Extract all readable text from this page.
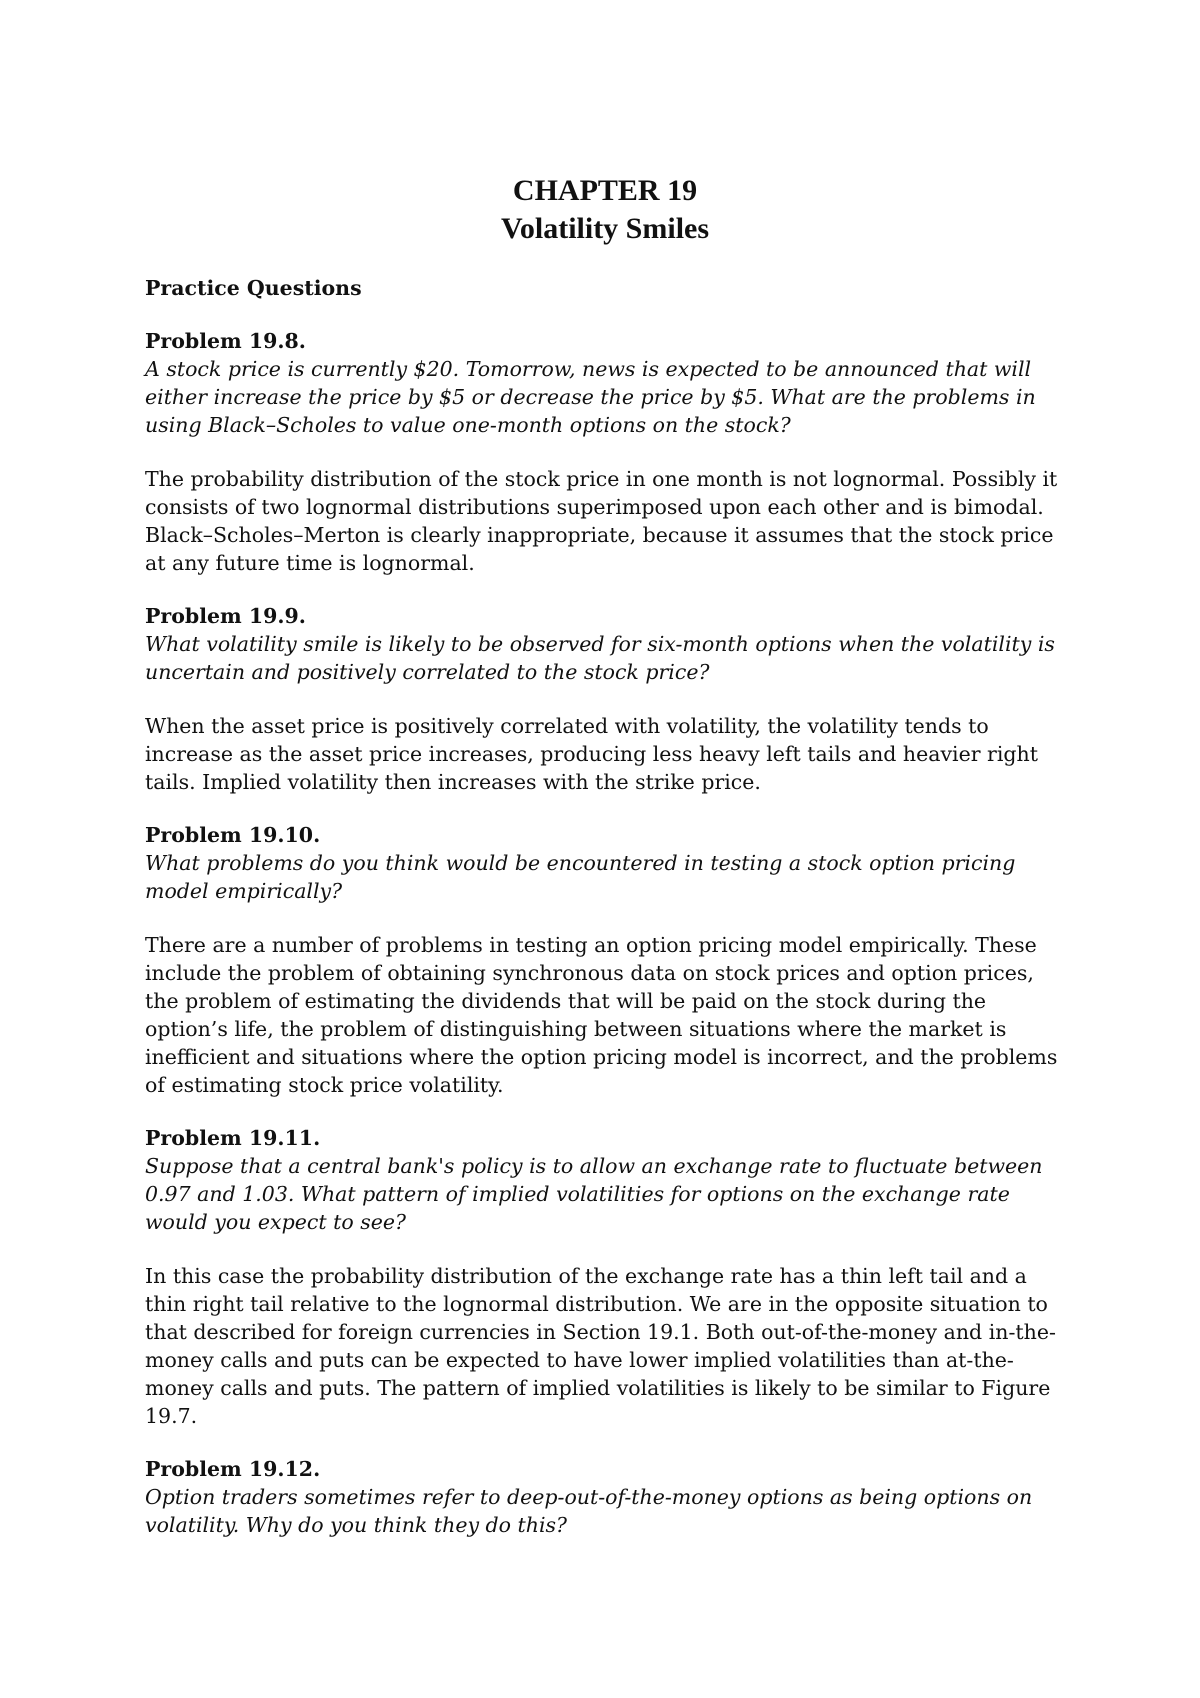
CHAPTER 19
Volatility Smiles
Practice Questions
Problem 19.8.
A stock price is currently $20. Tomorrow, news is expected to be announced that will either increase the price by $5 or decrease the price by $5. What are the problems in using Black–Scholes to value one-month options on the stock?
The probability distribution of the stock price in one month is not lognormal. Possibly it consists of two lognormal distributions superimposed upon each other and is bimodal. Black–Scholes–Merton is clearly inappropriate, because it assumes that the stock price at any future time is lognormal.
Problem 19.9.
What volatility smile is likely to be observed for six-month options when the volatility is uncertain and positively correlated to the stock price?
When the asset price is positively correlated with volatility, the volatility tends to increase as the asset price increases, producing less heavy left tails and heavier right tails. Implied volatility then increases with the strike price.
Problem 19.10.
What problems do you think would be encountered in testing a stock option pricing model empirically?
There are a number of problems in testing an option pricing model empirically. These include the problem of obtaining synchronous data on stock prices and option prices, the problem of estimating the dividends that will be paid on the stock during the option’s life, the problem of distinguishing between situations where the market is inefficient and situations where the option pricing model is incorrect, and the problems of estimating stock price volatility.
Problem 19.11.
Suppose that a central bank's policy is to allow an exchange rate to fluctuate between 0.97 and 1.03. What pattern of implied volatilities for options on the exchange rate would you expect to see?
In this case the probability distribution of the exchange rate has a thin left tail and a thin right tail relative to the lognormal distribution. We are in the opposite situation to that described for foreign currencies in Section 19.1. Both out-of-the-money and in-the-money calls and puts can be expected to have lower implied volatilities than at-the-money calls and puts. The pattern of implied volatilities is likely to be similar to Figure 19.7.
Problem 19.12.
Option traders sometimes refer to deep-out-of-the-money options as being options on volatility. Why do you think they do this?
